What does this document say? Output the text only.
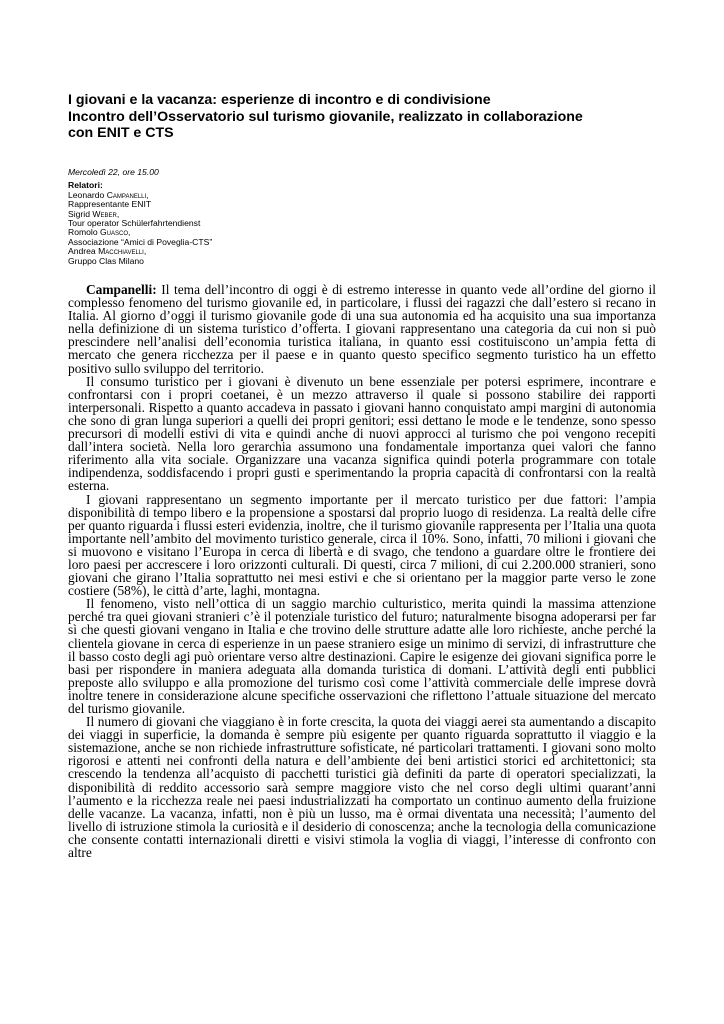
I giovani e la vacanza: esperienze di incontro e di condivisione
Incontro dell’Osservatorio sul turismo giovanile, realizzato in collaborazione
con ENIT e CTS
Mercoledì 22, ore 15.00
Relatori:
Leonardo Campanelli,
Rappresentante ENIT
Sigrid Weber,
Tour operator Schülerfahrtendienst
Romolo Guasco,
Associazione “Amici di Poveglia-CTS”
Andrea Macchiavelli,
Gruppo Clas Milano

Campanelli: Il tema dell’incontro di oggi è di estremo interesse in quanto vede all’ordine del giorno il complesso fenomeno del turismo giovanile ed, in particolare, i flussi dei ragazzi che dall’estero si recano in Italia. Al giorno d’oggi il turismo giovanile gode di una sua autonomia ed ha acquisito una sua importanza nella definizione di un sistema turistico d’offerta. I giovani rappresentano una categoria da cui non si può prescindere nell’analisi dell’economia turistica italiana, in quanto essi costituiscono un’ampia fetta di mercato che genera ricchezza per il paese e in quanto questo specifico segmento turistico ha un effetto positivo sullo sviluppo del territorio.

Il consumo turistico per i giovani è divenuto un bene essenziale per potersi esprimere, incontrare e confrontarsi con i propri coetanei, è un mezzo attraverso il quale si possono stabilire dei rapporti interpersonali. Rispetto a quanto accadeva in passato i giovani hanno conquistato ampi margini di autonomia che sono di gran lunga superiori a quelli dei propri genitori; essi dettano le mode e le tendenze, sono spesso precursori di modelli estivi di vita e quindi anche di nuovi approcci al turismo che poi vengono recepiti dall’intera società. Nella loro gerarchia assumono una fondamentale importanza quei valori che fanno riferimento alla vita sociale. Organizzare una vacanza significa quindi poterla programmare con totale indipendenza, soddisfacendo i propri gusti e sperimentando la propria capacità di confrontarsi con la realtà esterna.

I giovani rappresentano un segmento importante per il mercato turistico per due fattori: l’ampia disponibilità di tempo libero e la propensione a spostarsi dal proprio luogo di residenza. La realtà delle cifre per quanto riguarda i flussi esteri evidenzia, inoltre, che il turismo giovanile rappresenta per l’Italia una quota importante nell’ambito del movimento turistico generale, circa il 10%. Sono, infatti, 70 milioni i giovani che si muovono e visitano l’Europa in cerca di libertà e di svago, che tendono a guardare oltre le frontiere dei loro paesi per accrescere i loro orizzonti culturali. Di questi, circa 7 milioni, di cui 2.200.000 stranieri, sono giovani che girano l’Italia soprattutto nei mesi estivi e che si orientano per la maggior parte verso le zone costiere (58%), le città d’arte, laghi, montagna.

Il fenomeno, visto nell’ottica di un saggio marchio culturistico, merita quindi la massima attenzione perché tra quei giovani stranieri c’è il potenziale turistico del futuro; naturalmente bisogna adoperarsi per far sì che questi giovani vengano in Italia e che trovino delle strutture adatte alle loro richieste, anche perché la clientela giovane in cerca di esperienze in un paese straniero esige un minimo di servizi, di infrastrutture che il basso costo degli agi può orientare verso altre destinazioni. Capire le esigenze dei giovani significa porre le basi per rispondere in maniera adeguata alla domanda turistica di domani. L’attività degli enti pubblici preposte allo sviluppo e alla promozione del turismo così come l’attività commerciale delle imprese dovrà inoltre tenere in considerazione alcune specifiche osservazioni che riflettono l’attuale situazione del mercato del turismo giovanile.

Il numero di giovani che viaggiano è in forte crescita, la quota dei viaggi aerei sta aumentando a discapito dei viaggi in superficie, la domanda è sempre più esigente per quanto riguarda soprattutto il viaggio e la sistemazione, anche se non richiede infrastrutture sofisticate, né particolari trattamenti. I giovani sono molto rigorosi e attenti nei confronti della natura e dell’ambiente dei beni artistici storici ed architettonici; sta crescendo la tendenza all’acquisto di pacchetti turistici già definiti da parte di operatori specializzati, la disponibilità di reddito accessorio sarà sempre maggiore visto che nel corso degli ultimi quarant’anni l’aumento e la ricchezza reale nei paesi industrializzati ha comportato un continuo aumento della fruizione delle vacanze. La vacanza, infatti, non è più un lusso, ma è ormai diventata una necessità; l’aumento del livello di istruzione stimola la curiosità e il desiderio di conoscenza; anche la tecnologia della comunicazione che consente contatti internazionali diretti e visivi stimola la voglia di viaggi, l’interesse di confronto con altre
